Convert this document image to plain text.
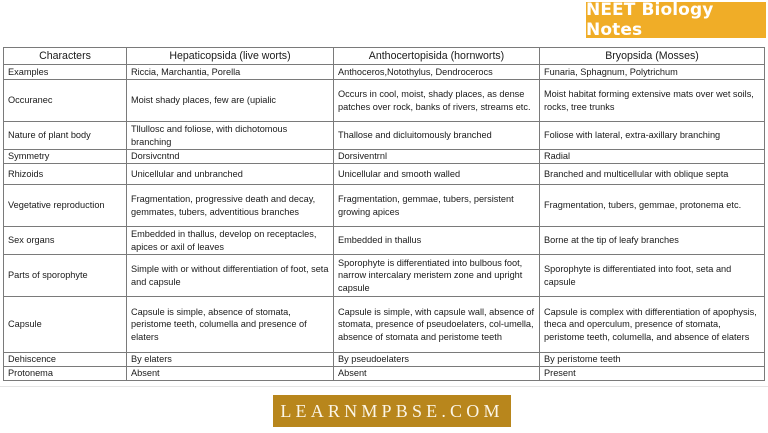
NEET Biology Notes
Characters	Hepaticopsida (live worts)	Anthocertopisida (hornworts)	Bryopsida (Mosses)
Examples	Riccia, Marchantia, Porella	Anthoceros,Notothylus, Dendrocerocs	Funaria, Sphagnum, Polytrichum
Occuranec	Moist shady places, few are (upialic	Occurs in cool, moist, shady places, as dense patches over rock, banks of rivers, streams etc.	Moist habitat forming extensive mats over wet soils, rocks, tree trunks
Nature of plant body	Tllullosc and foliose, with dichotomous branching	Thallose and dicluitomously branched	Foliose with lateral, extra-axillary branching
Symmetry	Dorsivcntnd	Dorsiventrnl	Radial
Rhizoids	Unicellular and unbranched	Unicellular and smooth walled	Branched and multicellular with oblique septa
Vegetative reproduction	Fragmentation, progressive death and decay, gemmates, tubers, adventitious branches	Fragmentation, gemmae, tubers, persistent growing apices	Fragmentation, tubers, gemmae, protonema etc.
Sex organs	Embedded in thallus, develop on receptacles, apices or axil of leaves	Embedded in thallus	Borne at the tip of leafy branches
Parts of sporophyte	Simple with or without differentiation of foot, seta and capsule	Sporophyte is differentiated into bulbous foot, narrow intercalary meristem zone and upright capsule	Sporophyte is differentiated into foot, seta and capsule
Capsule	Capsule is simple, absence of stomata, peristome teeth, columella and presence of elaters	Capsule is simple, with capsule wall, absence of stomata, presence of pseudoelaters, col-umella, absence of stomata and peristome teeth	Capsule is complex with differentiation of apophysis, theca and operculum, presence of stomata, peristome teeth, columella, and absence of elaters
Dehiscence	By elaters	By pseudoelaters	By peristome teeth
Protonema	Absent	Absent	Present
LEARNMPBSE.COM
